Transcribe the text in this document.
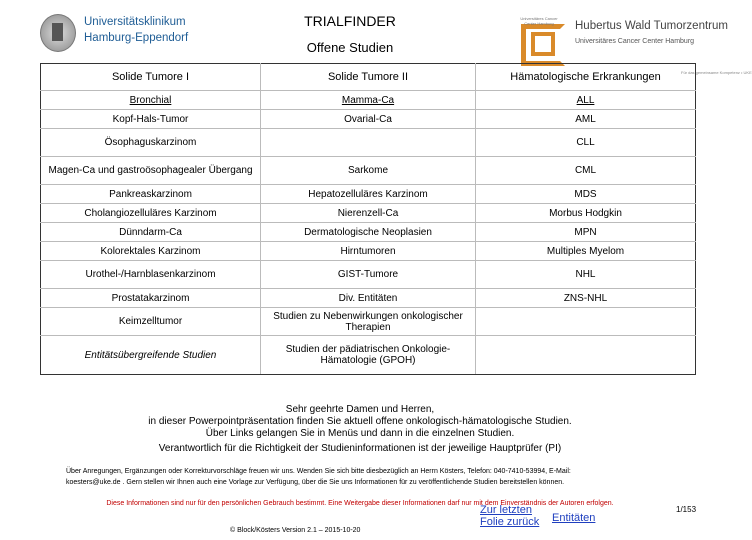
Universitätsklinikum
Hamburg-Eppendorf
TRIALFINDER
Offene Studien
Universitäres Cancer Center Hamburg	Hubertus Wald Tumorzentrum
Universitäres Cancer Center Hamburg
Für das gemeinsame Kompetenz • UKE
Solide Tumore I	Solide Tumore II	Hämatologische Erkrankungen
Bronchial	Mamma-Ca	ALL
Kopf-Hals-Tumor	Ovarial-Ca	AML
Ösophaguskarzinom		CLL
Magen-Ca und gastroösophagealer Übergang	Sarkome	CML
Pankreaskarzinom	Hepatozelluläres Karzinom	MDS
Cholangiozelluläres Karzinom	Nierenzell-Ca	Morbus Hodgkin
Dünndarm-Ca	Dermatologische Neoplasien	MPN
Kolorektales Karzinom	Hirntumoren	Multiples Myelom
Urothel-/Harnblasenkarzinom	GIST-Tumore	NHL
Prostatakarzinom	Div. Entitäten	ZNS-NHL
Keimzelltumor	Studien zu Nebenwirkungen onkologischer Therapien	
Entitätsübergreifende Studien	Studien der pädiatrischen Onkologie-Hämatologie (GPOH)	
Sehr geehrte Damen und Herren,
in dieser Powerpointpräsentation finden Sie aktuell offene onkologisch-hämatologische Studien.
Über Links gelangen Sie in Menüs und dann in die einzelnen Studien.
Verantwortlich für die Richtigkeit der Studieninformationen ist der jeweilige Hauptprüfer (PI)
Über Anregungen, Ergänzungen oder Korrekturvorschläge freuen wir uns. Wenden Sie sich bitte diesbezüglich an Herrn Kösters, Telefon: 040-7410-53994, E-Mail:
koesters@uke.de . Gern stellen wir Ihnen auch eine Vorlage zur Verfügung, über die Sie uns Informationen für zu veröffentlichende Studien bereitstellen können.
Diese Informationen sind nur für den persönlichen Gebrauch bestimmt. Eine Weitergabe dieser Informationen darf nur mit dem Einverständnis der Autoren erfolgen.
Zur letzten
Folie zurück Entitäten
© Block/Kösters Version 2.1 – 2015-10-20
1/153
